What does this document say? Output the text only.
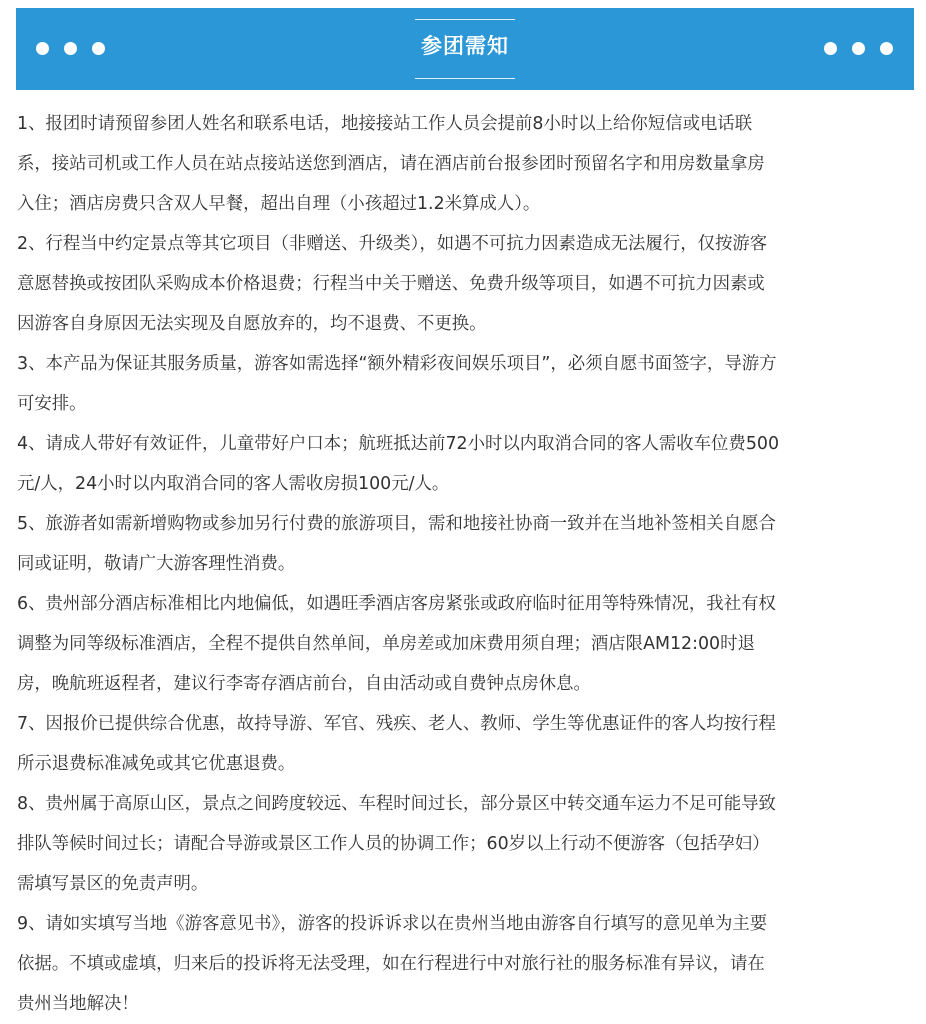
参团需知

1、报团时请预留参团人姓名和联系电话，地接接站工作人员会提前8小时以上给你短信或电话联
系，接站司机或工作人员在站点接站送您到酒店，请在酒店前台报参团时预留名字和用房数量拿房
入住；酒店房费只含双人早餐，超出自理（小孩超过1.2米算成人）。

2、行程当中约定景点等其它项目（非赠送、升级类），如遇不可抗力因素造成无法履行，仅按游客
意愿替换或按团队采购成本价格退费；行程当中关于赠送、免费升级等项目，如遇不可抗力因素或
因游客自身原因无法实现及自愿放弃的，均不退费、不更换。

3、本产品为保证其服务质量，游客如需选择“额外精彩夜间娱乐项目”，必须自愿书面签字，导游方
可安排。

4、请成人带好有效证件，儿童带好户口本；航班抵达前72小时以内取消合同的客人需收车位费500
元/人，24小时以内取消合同的客人需收房损100元/人。

5、旅游者如需新增购物或参加另行付费的旅游项目，需和地接社协商一致并在当地补签相关自愿合
同或证明，敬请广大游客理性消费。

6、贵州部分酒店标准相比内地偏低，如遇旺季酒店客房紧张或政府临时征用等特殊情况，我社有权
调整为同等级标准酒店，全程不提供自然单间，单房差或加床费用须自理；酒店限AM12:00时退
房，晚航班返程者，建议行李寄存酒店前台，自由活动或自费钟点房休息。

7、因报价已提供综合优惠，故持导游、军官、残疾、老人、教师、学生等优惠证件的客人均按行程
所示退费标准减免或其它优惠退费。

8、贵州属于高原山区，景点之间跨度较远、车程时间过长，部分景区中转交通车运力不足可能导致
排队等候时间过长；请配合导游或景区工作人员的协调工作；60岁以上行动不便游客（包括孕妇）
需填写景区的免责声明。

9、请如实填写当地《游客意见书》，游客的投诉诉求以在贵州当地由游客自行填写的意见单为主要
依据。不填或虚填，归来后的投诉将无法受理，如在行程进行中对旅行社的服务标准有异议，请在
贵州当地解决！
